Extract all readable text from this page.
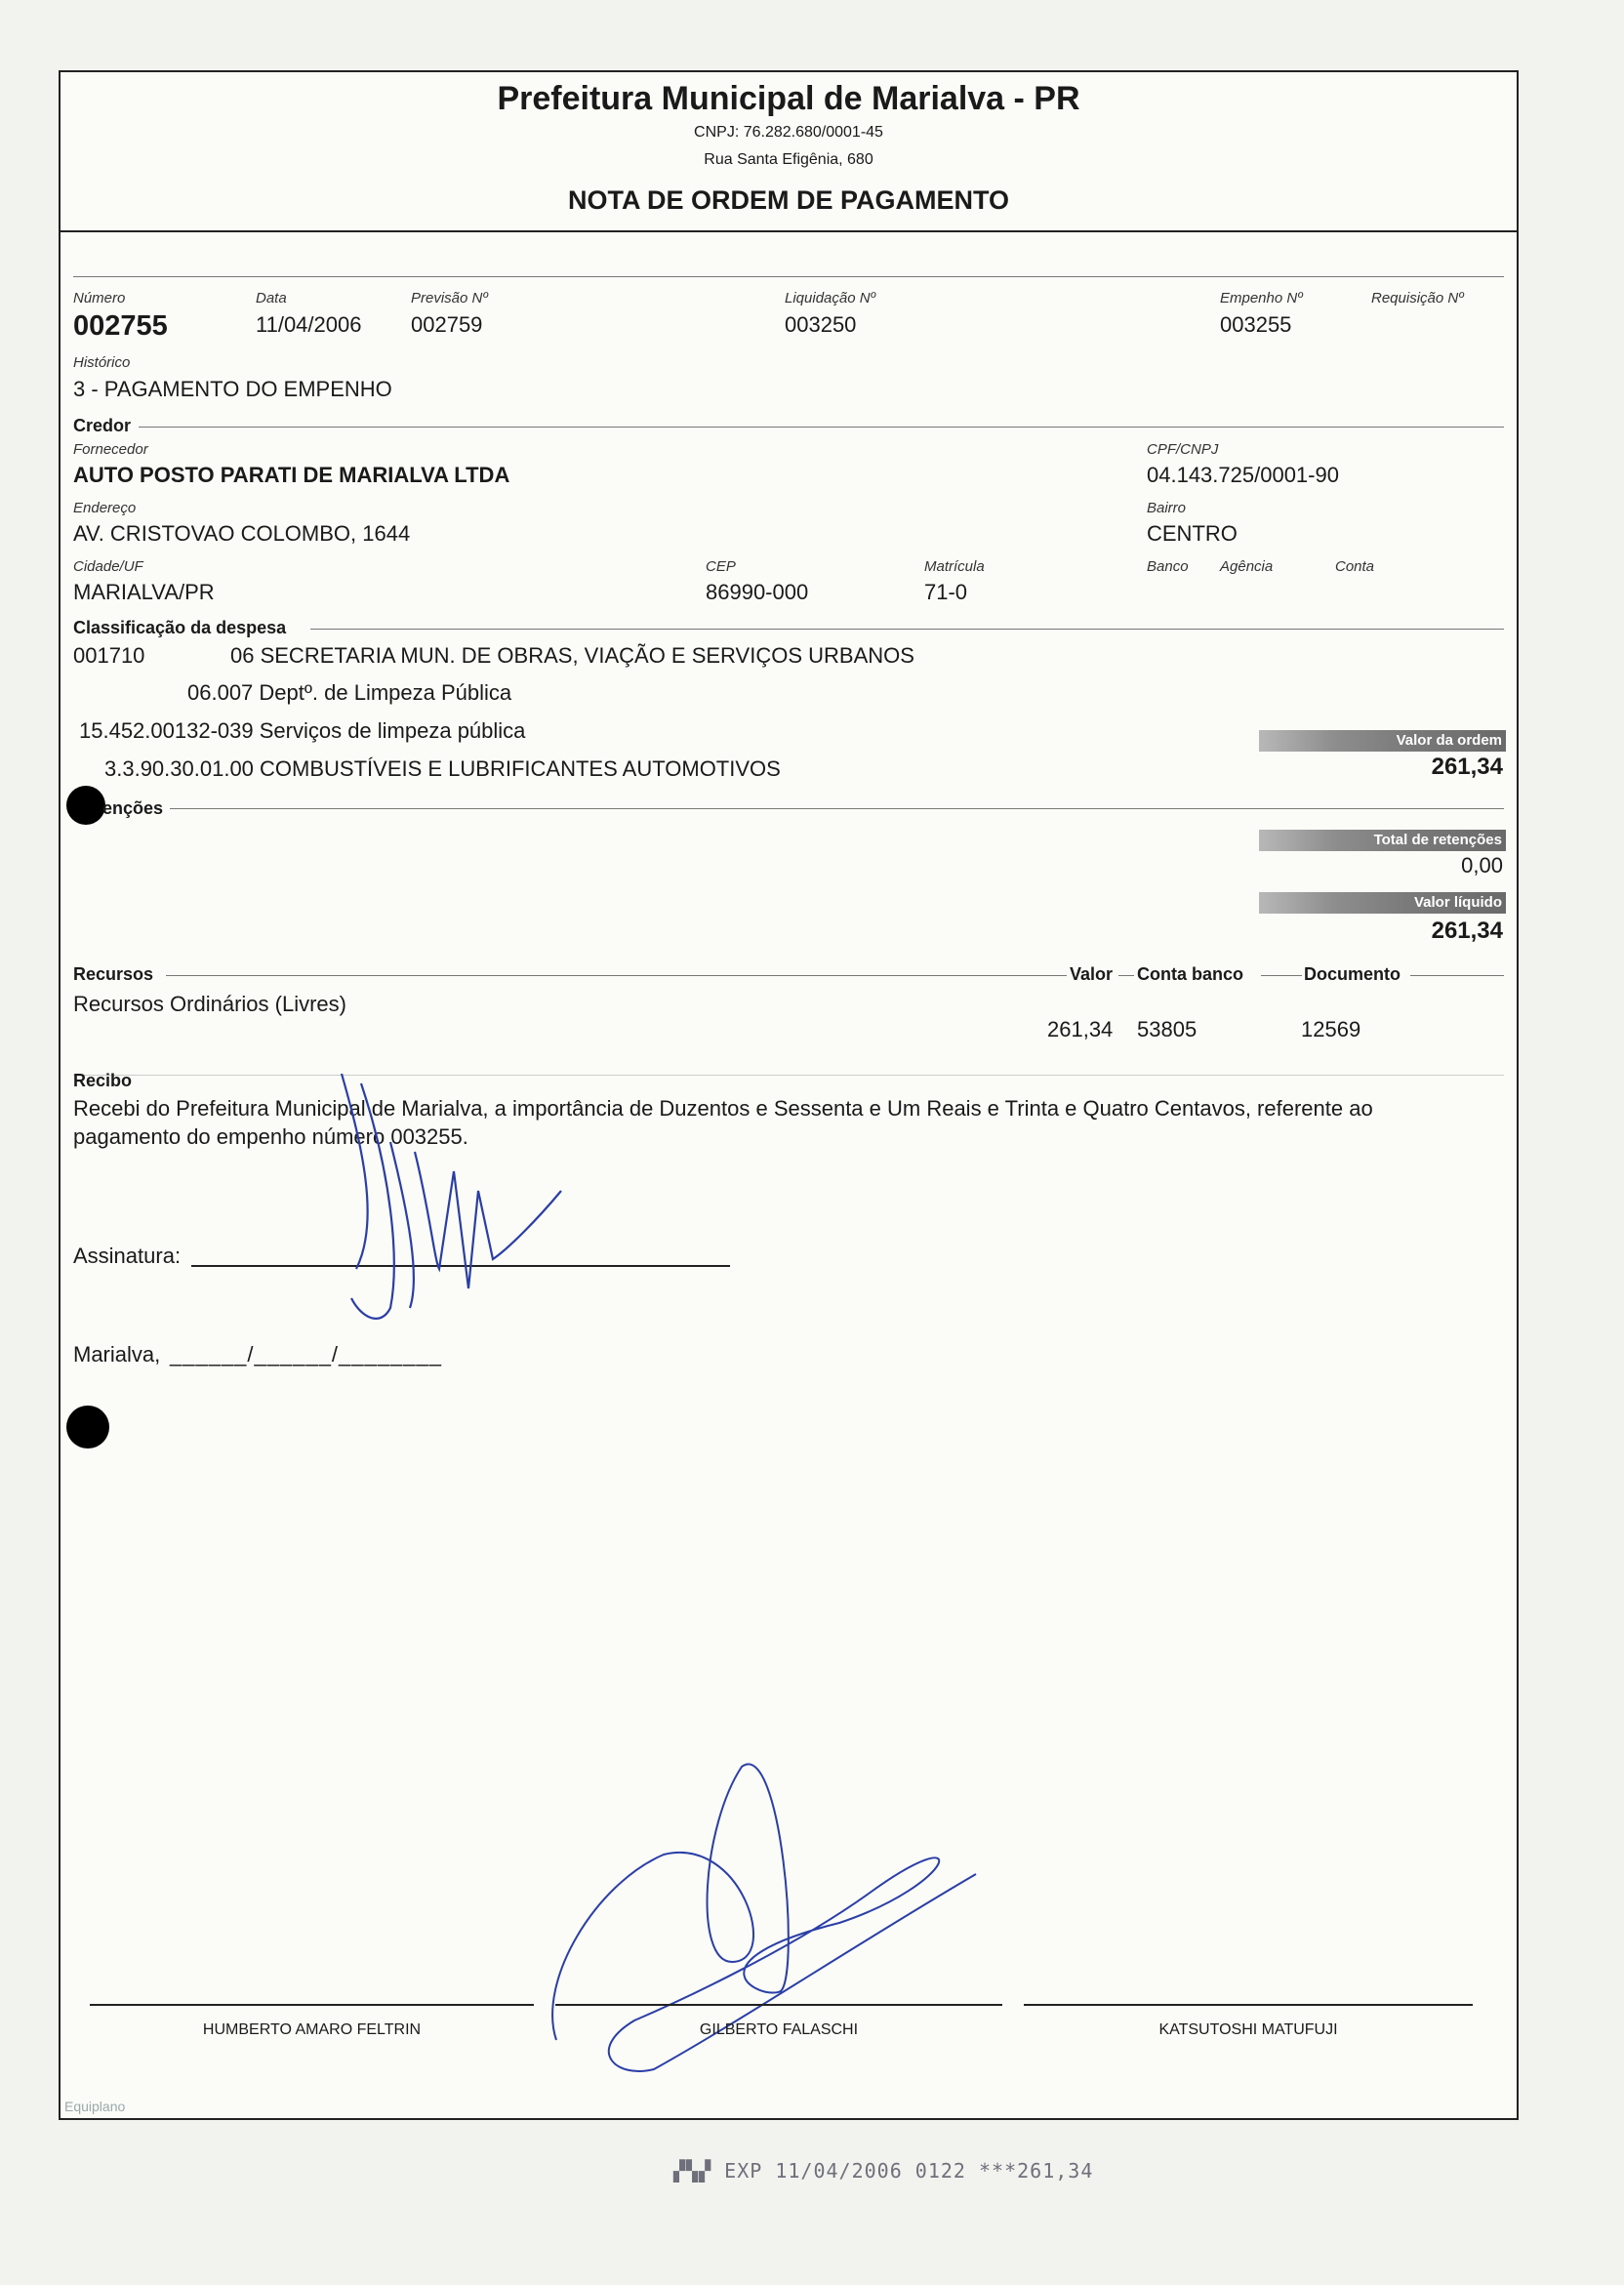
Prefeitura Municipal de Marialva - PR
CNPJ: 76.282.680/0001-45
Rua Santa Efigênia, 680
NOTA DE ORDEM DE PAGAMENTO
Número
002755
Data
11/04/2006
Previsão Nº
002759
Liquidação Nº
003250
Empenho Nº
003255
Requisição Nº
Histórico
3 - PAGAMENTO DO EMPENHO
Credor
Fornecedor
AUTO POSTO PARATI DE MARIALVA LTDA
CPF/CNPJ
04.143.725/0001-90
Endereço
AV. CRISTOVAO COLOMBO, 1644
Bairro
CENTRO
Cidade/UF
MARIALVA/PR
CEP
86990-000
Matrícula
71-0
Banco Agência	Conta
Classificação da despesa
001710	06 SECRETARIA MUN. DE OBRAS, VIAÇÃO E SERVIÇOS URBANOS
06.007 Deptº. de Limpeza Pública
15.452.00132-039 Serviços de limpeza pública
3.3.90.30.01.00 COMBUSTÍVEIS E LUBRIFICANTES AUTOMOTIVOS
Valor da ordem
261,34
enções
Total de retenções
0,00
Valor líquido
261,34
Recursos	Valor Conta banco	Documento
Recursos Ordinários (Livres)
261,34 53805	12569
Recibo
Recebi do Prefeitura Municipal de Marialva, a importância de Duzentos e Sessenta e Um Reais e Trinta e Quatro Centavos, referente ao pagamento do empenho número 003255.
Assinatura:
Marialva, ______/______/________
HUMBERTO AMARO FELTRIN	GILBERTO FALASCHI	KATSUTOSHI MATUFUJI
Equiplano
▞▚▞ EXP 11/04/2006 0122 ***261,34
